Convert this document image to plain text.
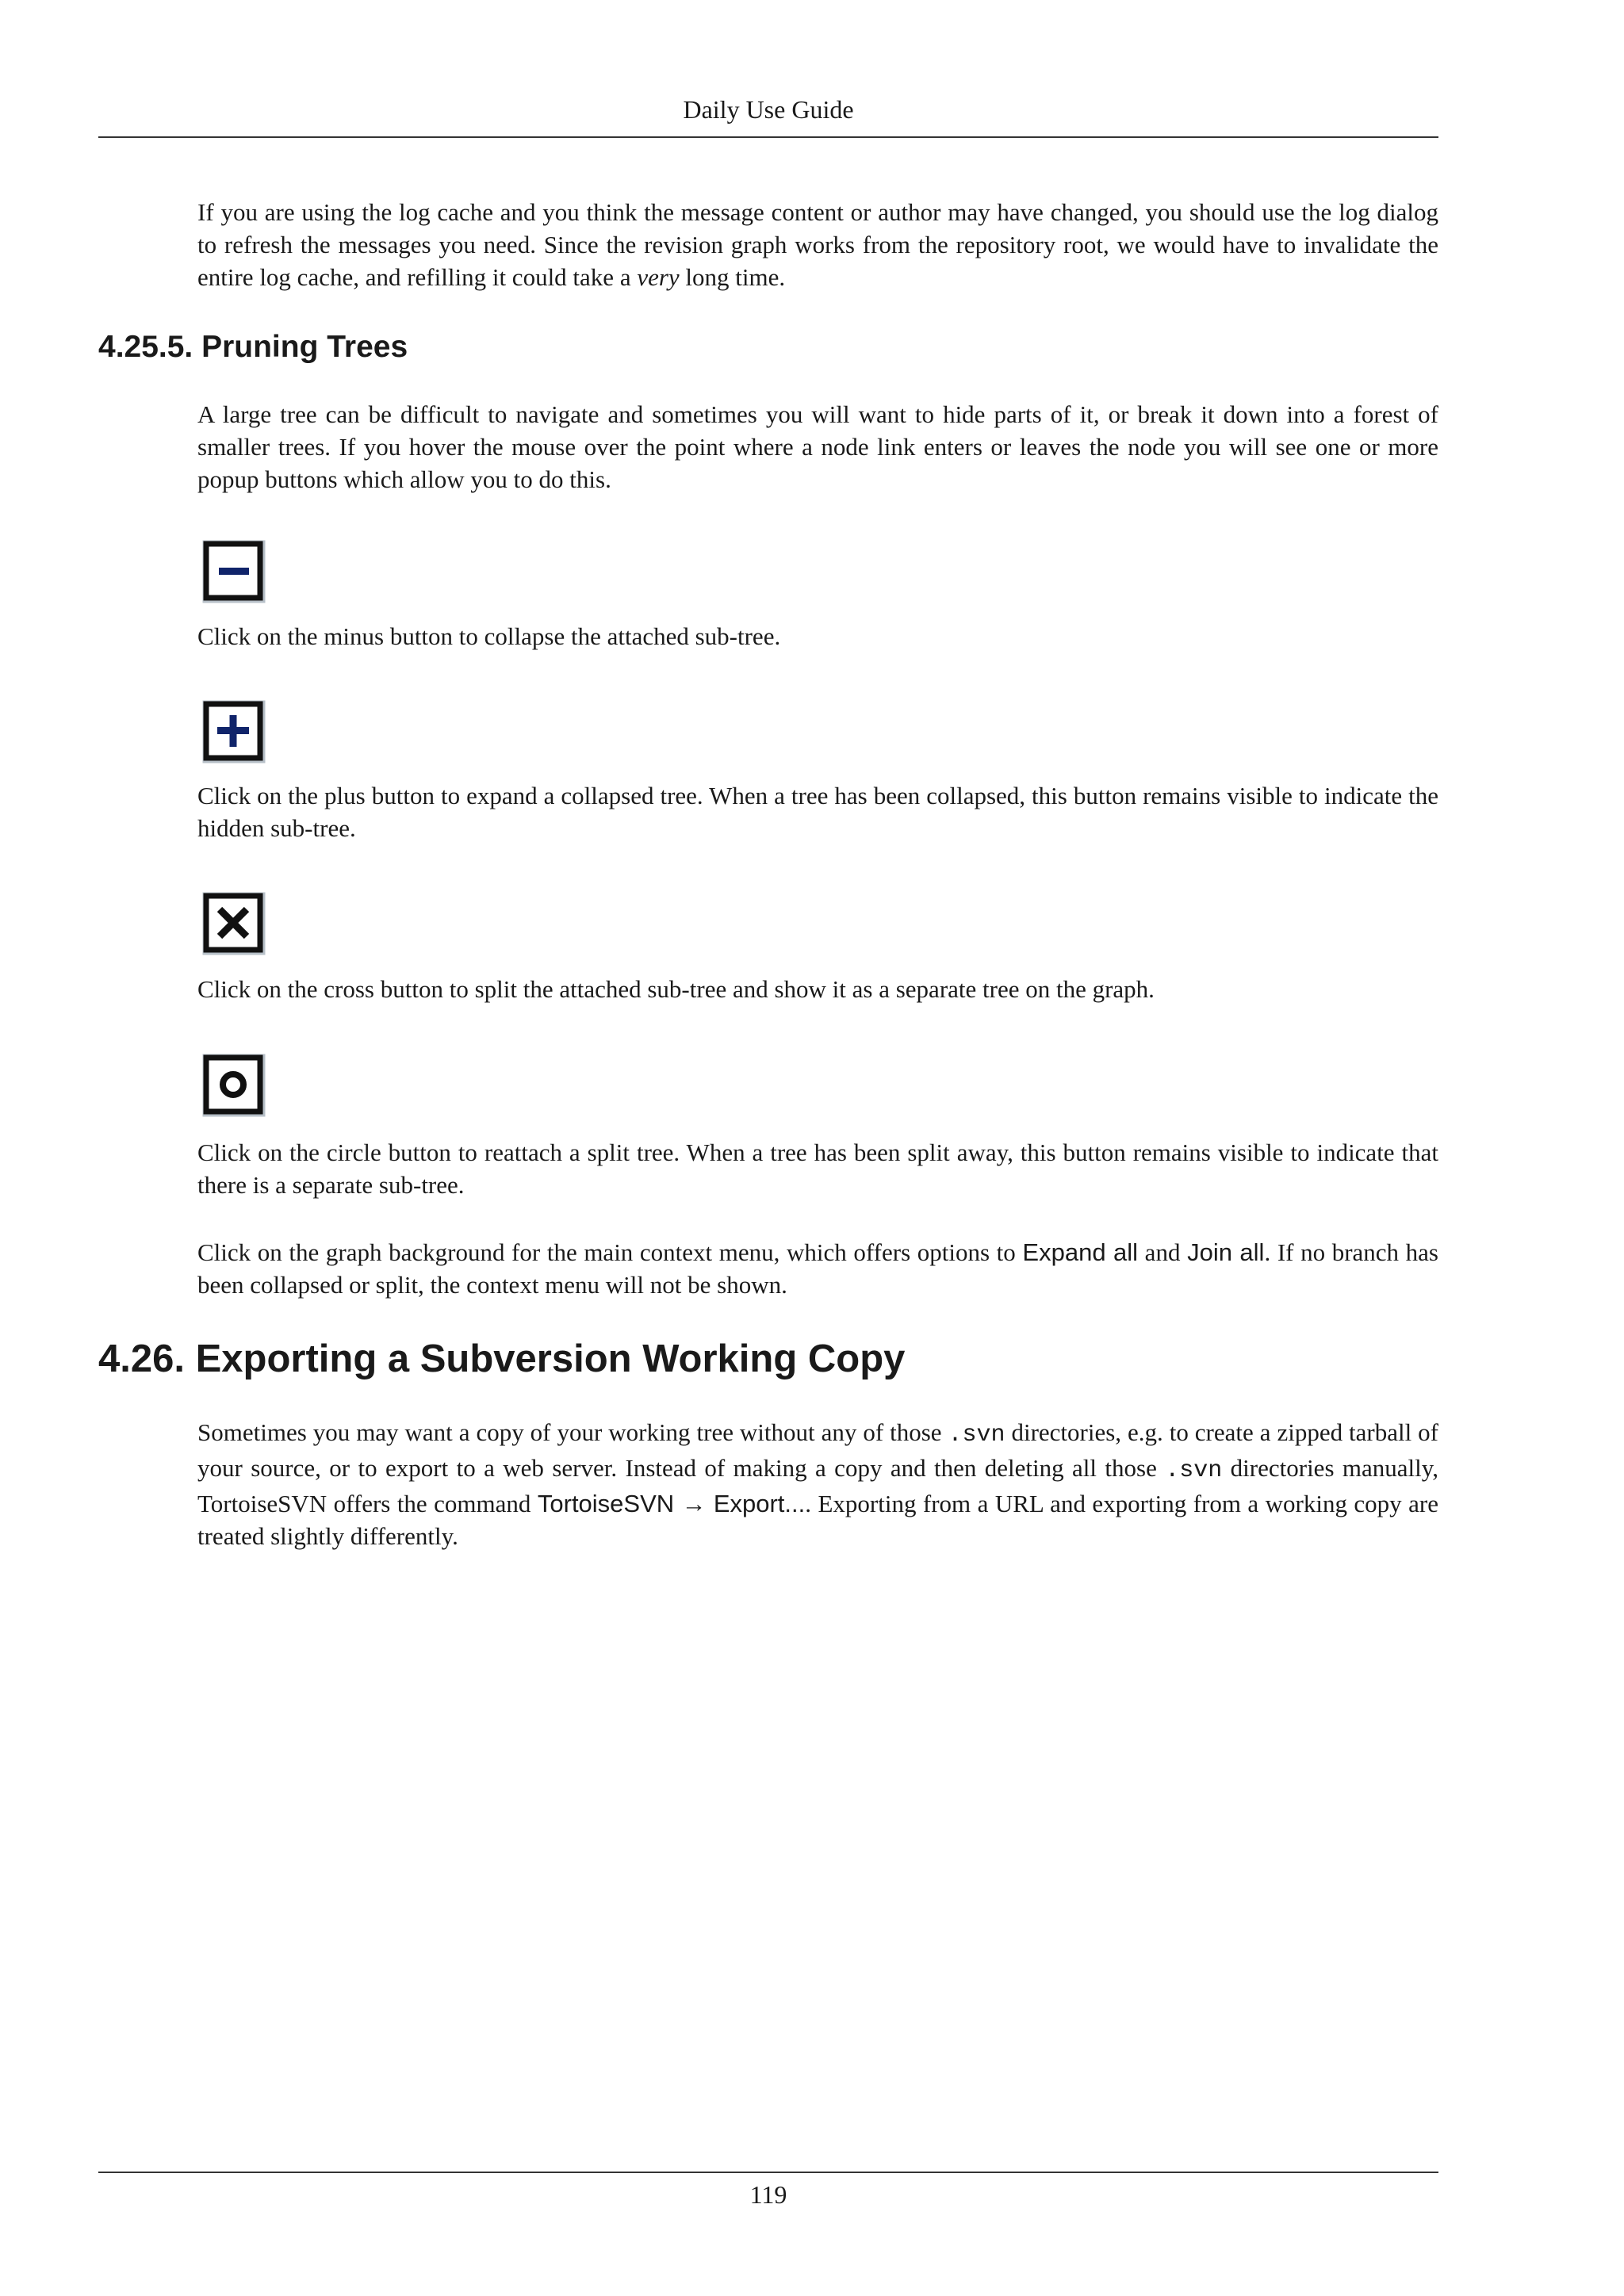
Daily Use Guide

If you are using the log cache and you think the message content or author may have changed, you should use the log dialog to refresh the messages you need. Since the revision graph works from the repository root, we would have to invalidate the entire log cache, and refilling it could take a very long time.

4.25.5. Pruning Trees

A large tree can be difficult to navigate and sometimes you will want to hide parts of it, or break it down into a forest of smaller trees. If you hover the mouse over the point where a node link enters or leaves the node you will see one or more popup buttons which allow you to do this.

Click on the minus button to collapse the attached sub-tree.

Click on the plus button to expand a collapsed tree. When a tree has been collapsed, this button remains visible to indicate the hidden sub-tree.

Click on the cross button to split the attached sub-tree and show it as a separate tree on the graph.

Click on the circle button to reattach a split tree. When a tree has been split away, this button remains visible to indicate that there is a separate sub-tree.

Click on the graph background for the main context menu, which offers options to Expand all and Join all. If no branch has been collapsed or split, the context menu will not be shown.

4.26. Exporting a Subversion Working Copy

Sometimes you may want a copy of your working tree without any of those .svn directories, e.g. to create a zipped tarball of your source, or to export to a web server. Instead of making a copy and then deleting all those .svn directories manually, TortoiseSVN offers the command TortoiseSVN → Export.... Exporting from a URL and exporting from a working copy are treated slightly differently.

119
